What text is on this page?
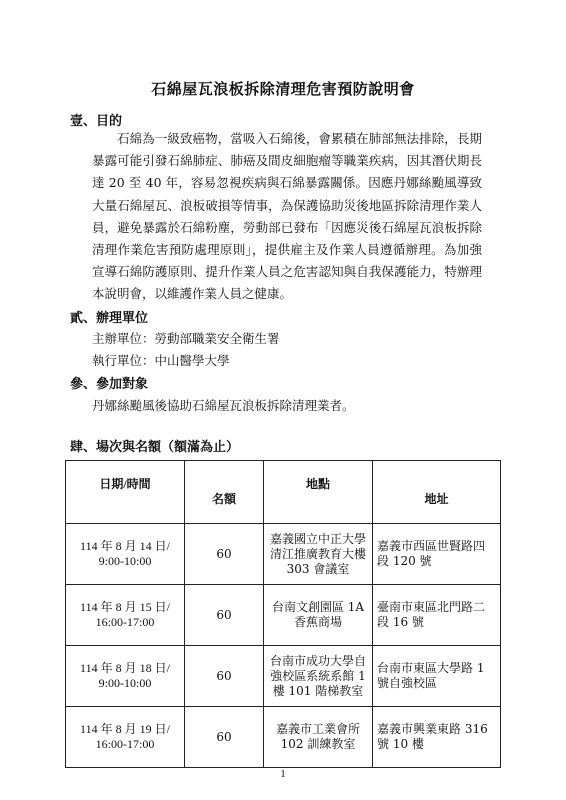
石綿屋瓦浪板拆除清理危害預防說明會
壹、目的
石綿為一級致癌物，當吸入石綿後，會累積在肺部無法排除，長期暴露可能引發石綿肺症、肺癌及間皮細胞瘤等職業疾病，因其潛伏期長達 20 至 40 年，容易忽視疾病與石綿暴露關係。因應丹娜絲颱風導致大量石綿屋瓦、浪板破損等情事，為保護協助災後地區拆除清理作業人員，避免暴露於石綿粉塵，勞動部已發布「因應災後石綿屋瓦浪板拆除清理作業危害預防處理原則」，提供雇主及作業人員遵循辦理。為加強宣導石綿防護原則、提升作業人員之危害認知與自我保護能力，特辦理本說明會，以維護作業人員之健康。
貳、辦理單位
主辦單位：勞動部職業安全衛生署
執行單位：中山醫學大學
參、參加對象
丹娜絲颱風後協助石綿屋瓦浪板拆除清理業者。
肆、場次與名額（額滿為止）
日期/時間	名額	地點	地址
114 年 8 月 14 日/
9:00-10:00	60	嘉義國立中正大學清江推廣教育大樓 303 會議室	嘉義市西區世賢路四段 120 號
114 年 8 月 15 日/
16:00-17:00	60	台南文創園區 1A 香蕉商場	臺南市東區北門路二段 16 號
114 年 8 月 18 日/
9:00-10:00	60	台南市成功大學自強校區系統系館 1 樓 101 階梯教室	台南市東區大學路 1 號自強校區
114 年 8 月 19 日/
16:00-17:00	60	嘉義市工業會所 102 訓練教室	嘉義市興業東路 316 號 10 樓
1
